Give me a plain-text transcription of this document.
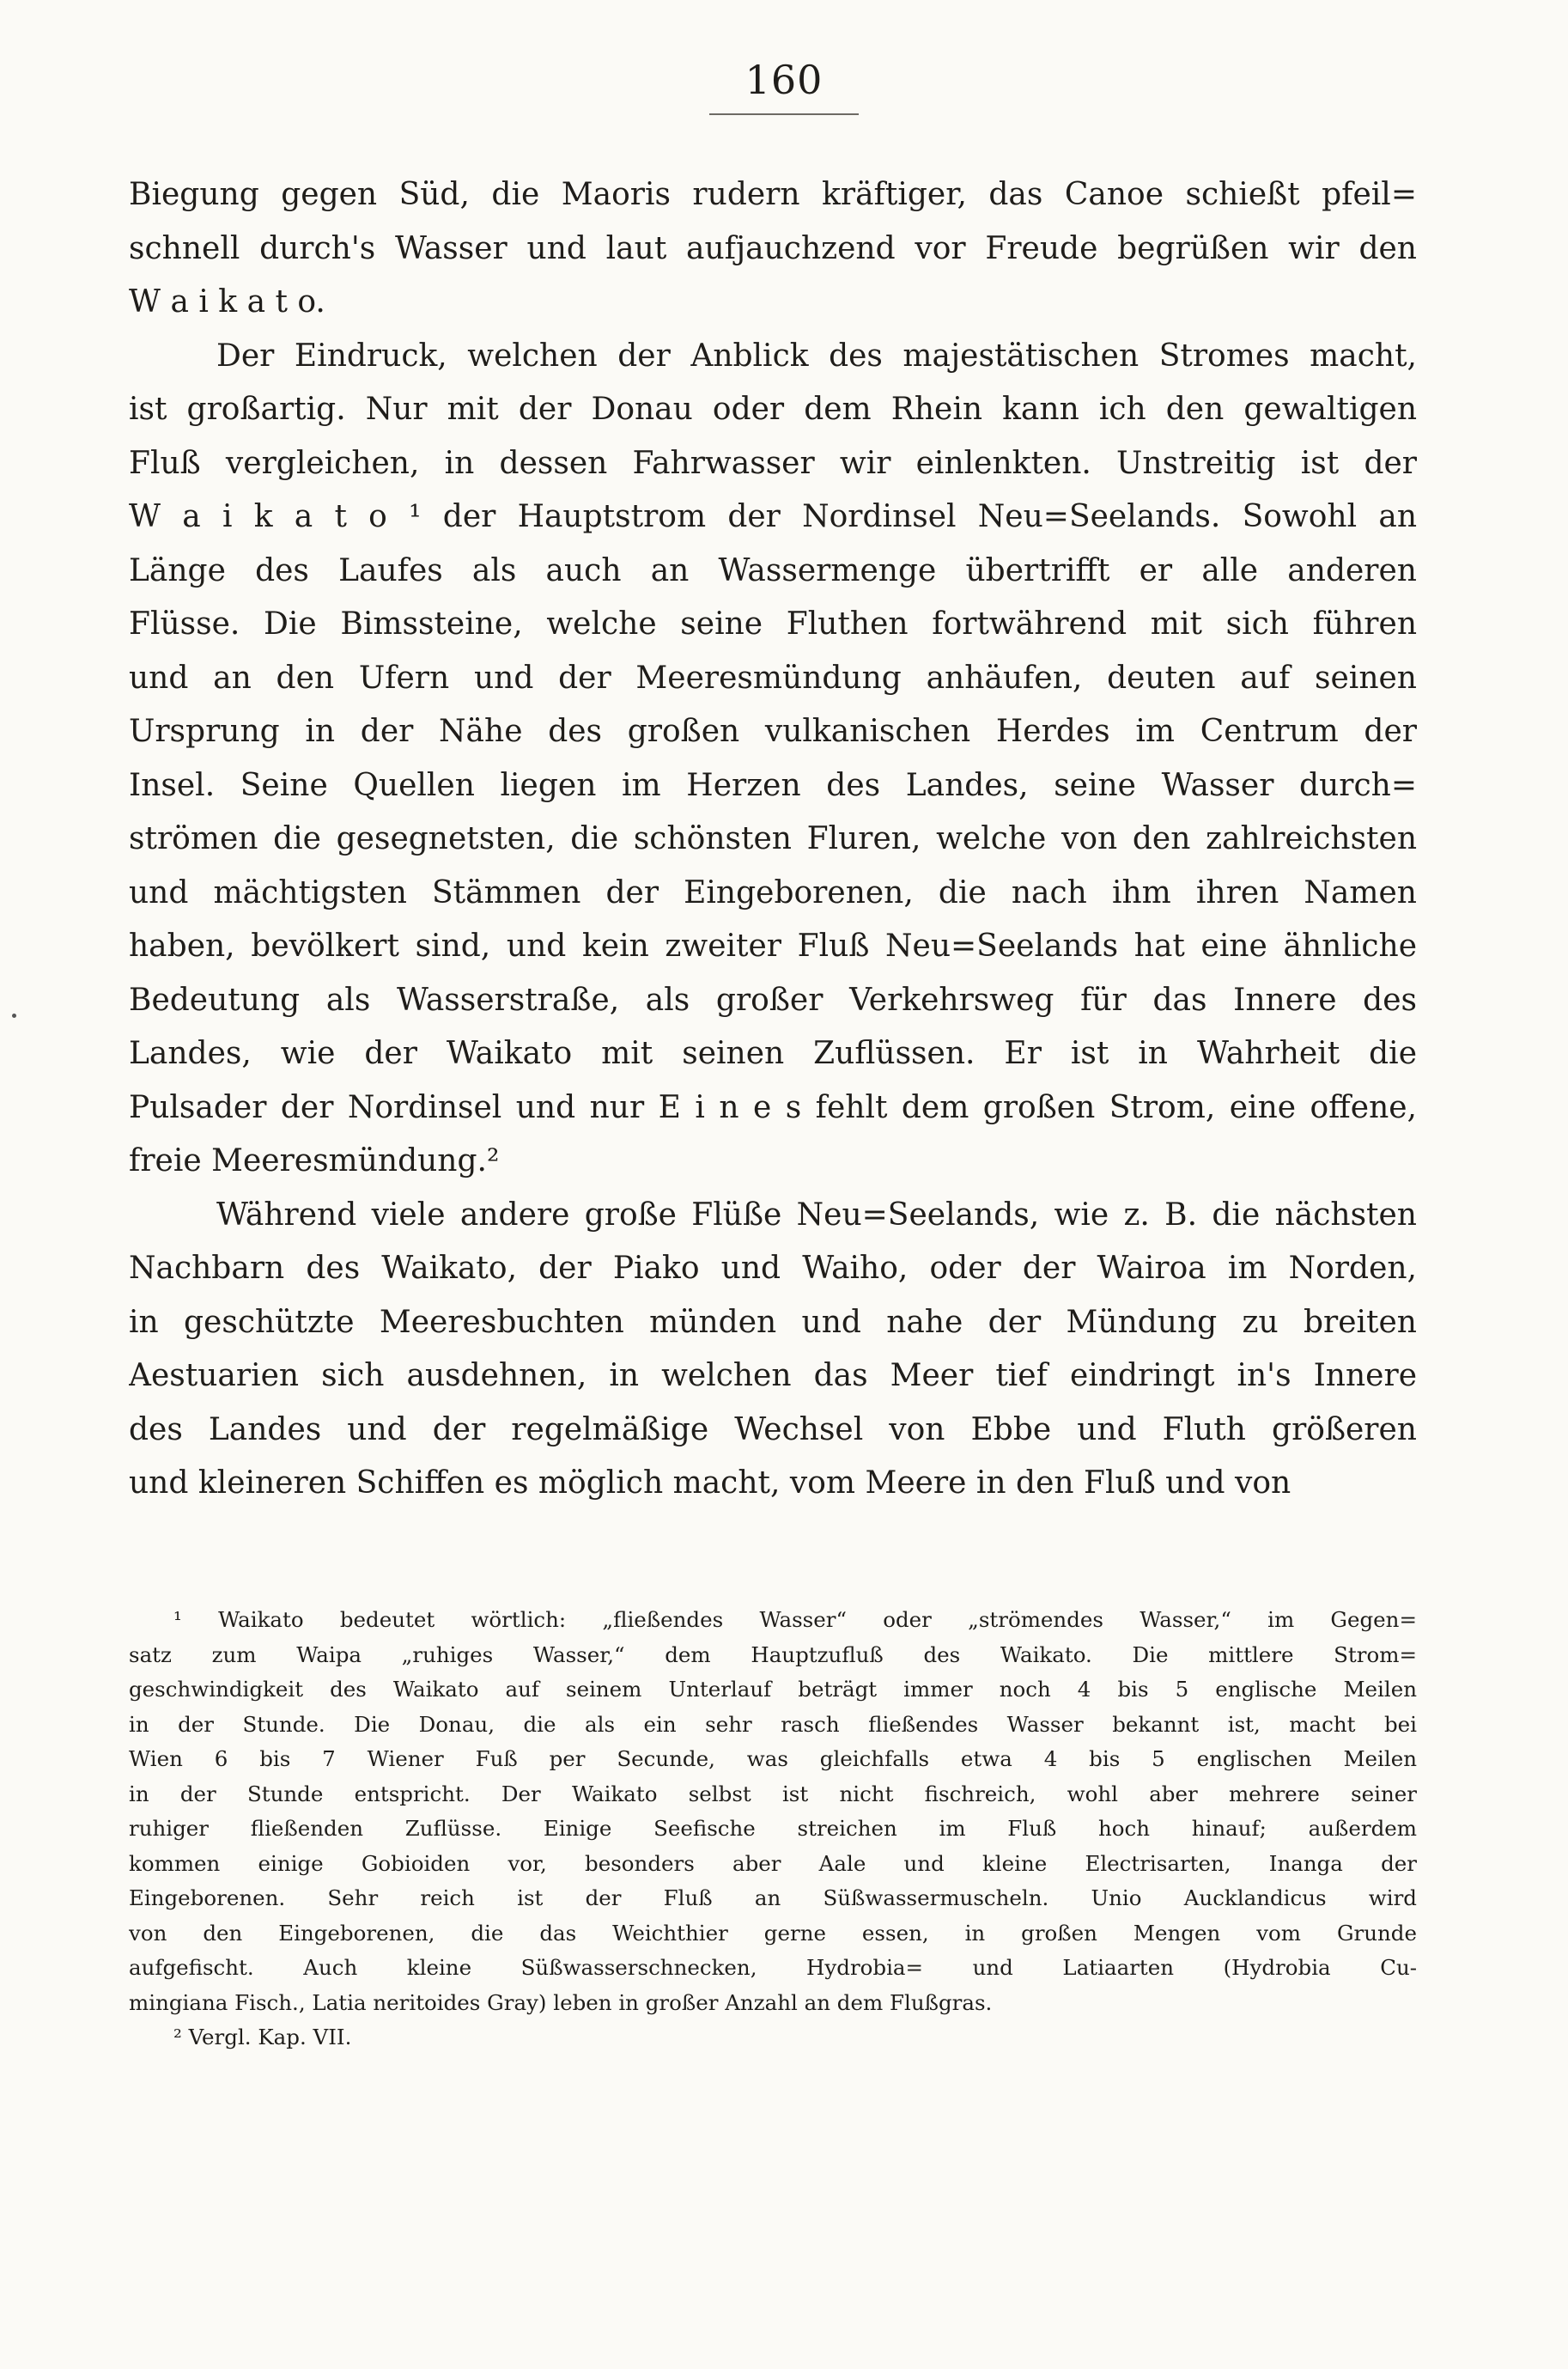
160
Biegung gegen Süd, die Maoris rudern kräftiger, das Canoe schießt pfeil=
schnell durch's Wasser und laut aufjauchzend vor Freude begrüßen wir den
W a i k a t o.
Der Eindruck, welchen der Anblick des majestätischen Stromes macht,
ist großartig. Nur mit der Donau oder dem Rhein kann ich den gewaltigen
Fluß vergleichen, in dessen Fahrwasser wir einlenkten. Unstreitig ist der
W a i k a t o ¹ der Hauptstrom der Nordinsel Neu=Seelands. Sowohl an
Länge des Laufes als auch an Wassermenge übertrifft er alle anderen
Flüsse. Die Bimssteine, welche seine Fluthen fortwährend mit sich führen
und an den Ufern und der Meeresmündung anhäufen, deuten auf seinen
Ursprung in der Nähe des großen vulkanischen Herdes im Centrum der
Insel. Seine Quellen liegen im Herzen des Landes, seine Wasser durch=
strömen die gesegnetsten, die schönsten Fluren, welche von den zahlreichsten
und mächtigsten Stämmen der Eingeborenen, die nach ihm ihren Namen
haben, bevölkert sind, und kein zweiter Fluß Neu=Seelands hat eine ähnliche
Bedeutung als Wasserstraße, als großer Verkehrsweg für das Innere des
Landes, wie der Waikato mit seinen Zuflüssen. Er ist in Wahrheit die
Pulsader der Nordinsel und nur E i n e s fehlt dem großen Strom, eine offene,
freie Meeresmündung.²
Während viele andere große Flüße Neu=Seelands, wie z. B. die nächsten
Nachbarn des Waikato, der Piako und Waiho, oder der Wairoa im Norden,
in geschützte Meeresbuchten münden und nahe der Mündung zu breiten
Aestuarien sich ausdehnen, in welchen das Meer tief eindringt in's Innere
des Landes und der regelmäßige Wechsel von Ebbe und Fluth größeren
und kleineren Schiffen es möglich macht, vom Meere in den Fluß und von
¹ Waikato bedeutet wörtlich: „fließendes Wasser“ oder „strömendes Wasser,“ im Gegen=
satz zum Waipa „ruhiges Wasser,“ dem Hauptzufluß des Waikato. Die mittlere Strom=
geschwindigkeit des Waikato auf seinem Unterlauf beträgt immer noch 4 bis 5 englische Meilen
in der Stunde. Die Donau, die als ein sehr rasch fließendes Wasser bekannt ist, macht bei
Wien 6 bis 7 Wiener Fuß per Secunde, was gleichfalls etwa 4 bis 5 englischen Meilen
in der Stunde entspricht. Der Waikato selbst ist nicht fischreich, wohl aber mehrere seiner
ruhiger fließenden Zuflüsse. Einige Seefische streichen im Fluß hoch hinauf; außerdem
kommen einige Gobioiden vor, besonders aber Aale und kleine Electrisarten, Inanga der
Eingeborenen. Sehr reich ist der Fluß an Süßwassermuscheln. Unio Aucklandicus wird
von den Eingeborenen, die das Weichthier gerne essen, in großen Mengen vom Grunde
aufgefischt. Auch kleine Süßwasserschnecken, Hydrobia= und Latiaarten (Hydrobia Cu-
mingiana Fisch., Latia neritoides Gray) leben in großer Anzahl an dem Flußgras.
² Vergl. Kap. VII.
